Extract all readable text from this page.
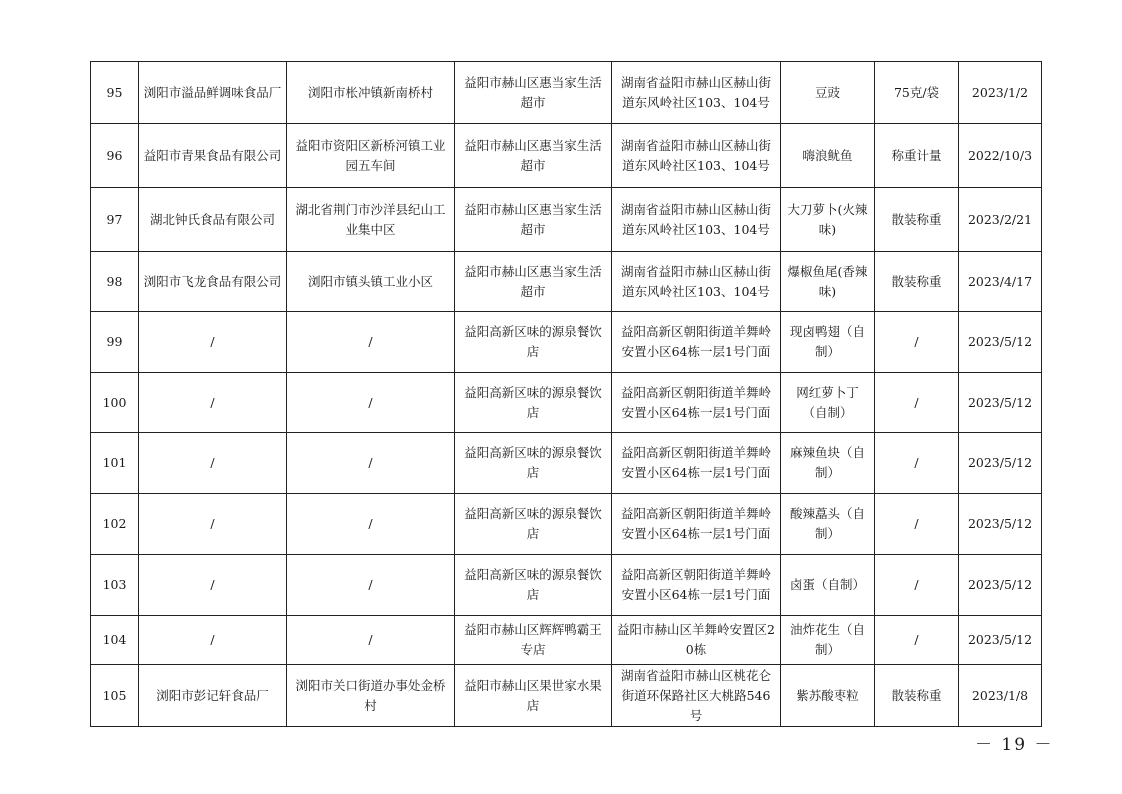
95	浏阳市溢品鲜调味食品厂	浏阳市枨冲镇新南桥村	益阳市赫山区惠当家生活超市	湖南省益阳市赫山区赫山街道东风岭社区103、104号	豆豉	75克/袋	2023/1/2
96	益阳市青果食品有限公司	益阳市资阳区新桥河镇工业园五车间	益阳市赫山区惠当家生活超市	湖南省益阳市赫山区赫山街道东风岭社区103、104号	嗨浪鱿鱼	称重计量	2022/10/3
97	湖北钟氏食品有限公司	湖北省荆门市沙洋县纪山工业集中区	益阳市赫山区惠当家生活超市	湖南省益阳市赫山区赫山街道东风岭社区103、104号	大刀萝卜(火辣味)	散装称重	2023/2/21
98	浏阳市飞龙食品有限公司	浏阳市镇头镇工业小区	益阳市赫山区惠当家生活超市	湖南省益阳市赫山区赫山街道东风岭社区103、104号	爆椒鱼尾(香辣味)	散装称重	2023/4/17
99	/	/	益阳高新区味的源泉餐饮店	益阳高新区朝阳街道羊舞岭安置小区64栋一层1号门面	现卤鸭翅（自制）	/	2023/5/12
100	/	/	益阳高新区味的源泉餐饮店	益阳高新区朝阳街道羊舞岭安置小区64栋一层1号门面	网红萝卜丁（自制）	/	2023/5/12
101	/	/	益阳高新区味的源泉餐饮店	益阳高新区朝阳街道羊舞岭安置小区64栋一层1号门面	麻辣鱼块（自制）	/	2023/5/12
102	/	/	益阳高新区味的源泉餐饮店	益阳高新区朝阳街道羊舞岭安置小区64栋一层1号门面	酸辣藠头（自制）	/	2023/5/12
103	/	/	益阳高新区味的源泉餐饮店	益阳高新区朝阳街道羊舞岭安置小区64栋一层1号门面	卤蛋（自制）	/	2023/5/12
104	/	/	益阳市赫山区辉辉鸭霸王专店	益阳市赫山区羊舞岭安置区20栋	油炸花生（自制）	/	2023/5/12
105	浏阳市彭记轩食品厂	浏阳市关口街道办事处金桥村	益阳市赫山区果世家水果店	湖南省益阳市赫山区桃花仑街道环保路社区大桃路546号	紫苏酸枣粒	散装称重	2023/1/8
－ 19 －
